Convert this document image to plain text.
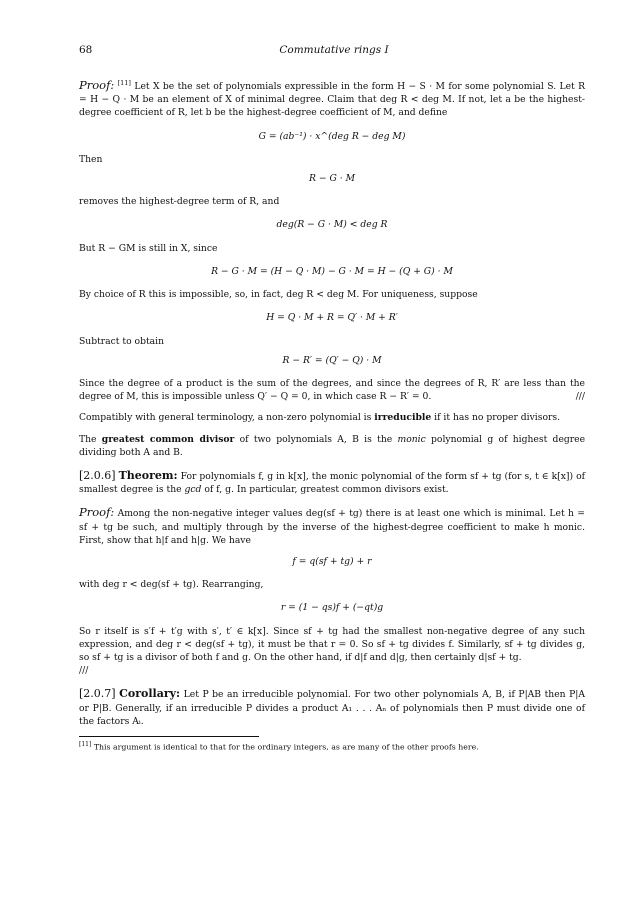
68	Commutative rings I

Proof: [11] Let X be the set of polynomials expressible in the form H − S · M for some polynomial S. Let R = H − Q · M be an element of X of minimal degree. Claim that deg R < deg M. If not, let a be the highest-degree coefficient of R, let b be the highest-degree coefficient of M, and define

G = (ab⁻¹) · x^(deg R − deg M)

Then

R − G · M

removes the highest-degree term of R, and

deg(R − G · M) < deg R

But R − GM is still in X, since

R − G · M = (H − Q · M) − G · M = H − (Q + G) · M

By choice of R this is impossible, so, in fact, deg R < deg M. For uniqueness, suppose

H = Q · M + R = Q′ · M + R′

Subtract to obtain

R − R′ = (Q′ − Q) · M

Since the degree of a product is the sum of the degrees, and since the degrees of R, R′ are less than the degree of M, this is impossible unless Q′ − Q = 0, in which case R − R′ = 0.	///

Compatibly with general terminology, a non-zero polynomial is irreducible if it has no proper divisors.

The greatest common divisor of two polynomials A, B is the monic polynomial g of highest degree dividing both A and B.

[2.0.6] Theorem: For polynomials f, g in k[x], the monic polynomial of the form sf + tg (for s, t ∈ k[x]) of smallest degree is the gcd of f, g. In particular, greatest common divisors exist.

Proof: Among the non-negative integer values deg(sf + tg) there is at least one which is minimal. Let h = sf + tg be such, and multiply through by the inverse of the highest-degree coefficient to make h monic. First, show that h|f and h|g. We have

f = q(sf + tg) + r

with deg r < deg(sf + tg). Rearranging,

r = (1 − qs)f + (−qt)g

So r itself is s′f + t′g with s′, t′ ∈ k[x]. Since sf + tg had the smallest non-negative degree of any such expression, and deg r < deg(sf + tg), it must be that r = 0. So sf + tg divides f. Similarly, sf + tg divides g, so sf + tg is a divisor of both f and g. On the other hand, if d|f and d|g, then certainly d|sf + tg.
///

[2.0.7] Corollary: Let P be an irreducible polynomial. For two other polynomials A, B, if P|AB then P|A or P|B. Generally, if an irreducible P divides a product A₁ . . . Aₙ of polynomials then P must divide one of the factors Aᵢ.

[11] This argument is identical to that for the ordinary integers, as are many of the other proofs here.
